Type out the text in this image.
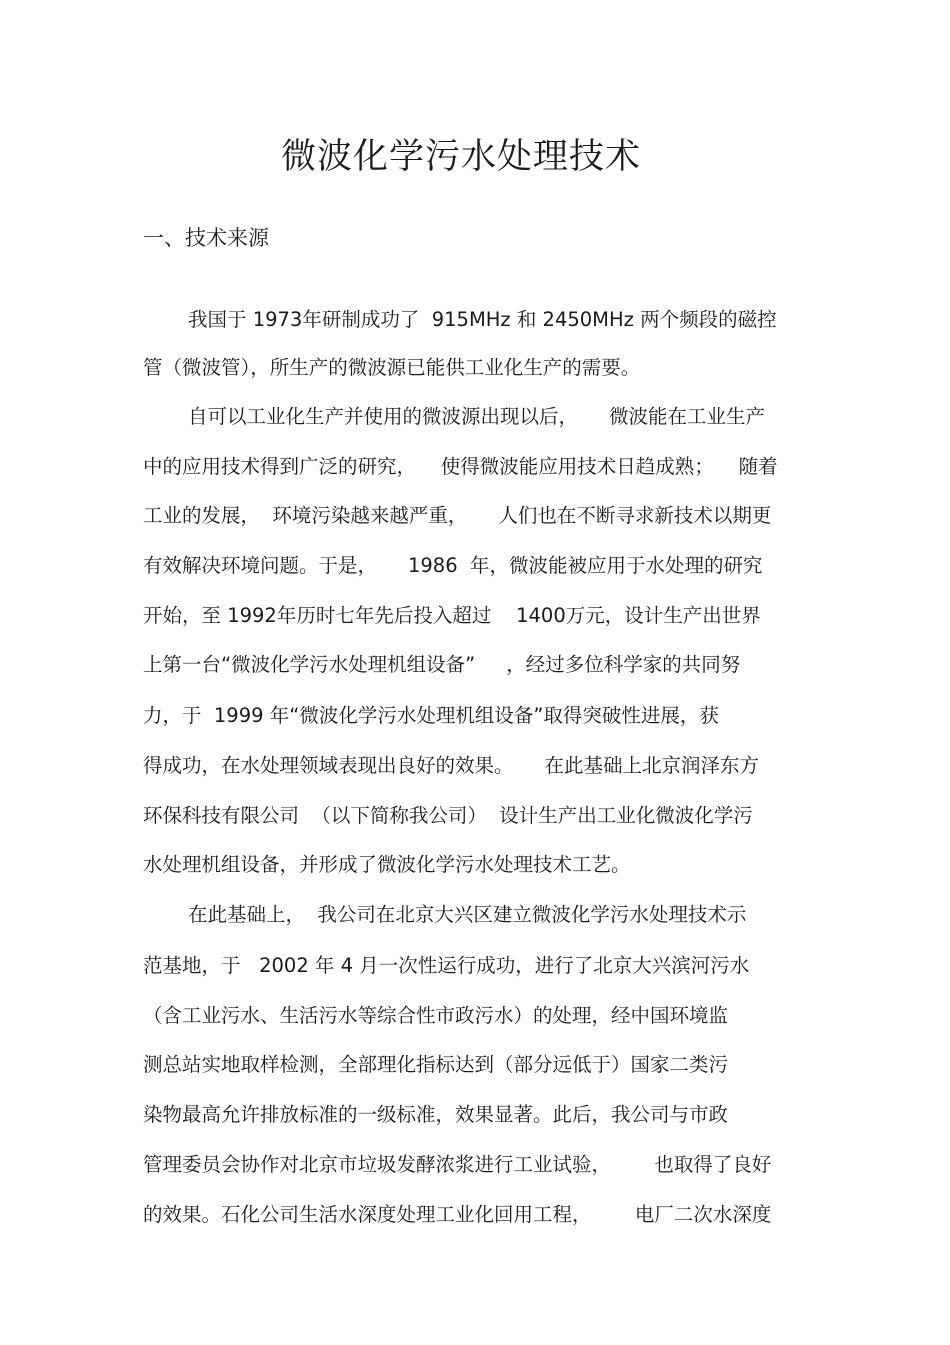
微波化学污水处理技术
一、技术来源
我国于 1973年研制成功了  915MHz 和 2450MHz 两个频段的磁控
管（微波管），所生产的微波源已能供工业化生产的需要。
自可以工业化生产并使用的微波源出现以后，     微波能在工业生产
中的应用技术得到广泛的研究，    使得微波能应用技术日趋成熟；    随着
工业的发展，  环境污染越来越严重，     人们也在不断寻求新技术以期更
有效解决环境问题。于是，     1986  年，微波能被应用于水处理的研究
开始，至 1992年历时七年先后投入超过    1400万元，设计生产出世界
上第一台“微波化学污水处理机组设备”     ，经过多位科学家的共同努
力，于  1999 年“微波化学污水处理机组设备”取得突破性进展，获
得成功，在水处理领域表现出良好的效果。     在此基础上北京润泽东方
环保科技有限公司  （以下简称我公司）  设计生产出工业化微波化学污
水处理机组设备，并形成了微波化学污水处理技术工艺。
在此基础上，  我公司在北京大兴区建立微波化学污水处理技术示
范基地，于   2002 年 4 月一次性运行成功，进行了北京大兴滨河污水
（含工业污水、生活污水等综合性市政污水）的处理，经中国环境监
测总站实地取样检测，全部理化指标达到（部分远低于）国家二类污
染物最高允许排放标准的一级标准，效果显著。此后，我公司与市政
管理委员会协作对北京市垃圾发酵浓浆进行工业试验，       也取得了良好
的效果。石化公司生活水深度处理工业化回用工程，       电厂二次水深度
